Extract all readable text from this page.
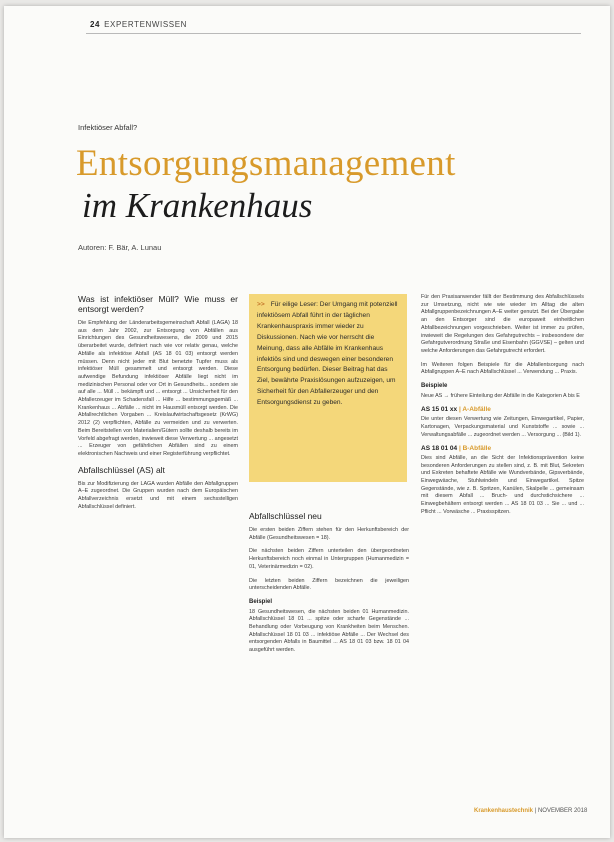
24 EXPERTENWISSEN
Infektiöser Abfall?
Entsorgungsmanagement
im Krankenhaus
Autoren: F. Bär, A. Lunau
Was ist infektiöser Müll? Wie muss er entsorgt werden?

Die Empfehlung der Länderarbeitsgemeinschaft Abfall (LAGA) 18 aus dem Jahr 2002, zur Entsorgung von Abfällen aus Einrichtungen des Gesundheitswesens, die 2009 und 2015 überarbeitet wurde, definiert nach wie vor relativ genau, welche Abfälle als infektiöse Abfall (AS 18 01 03) entsorgt werden müssen. Denn nicht jeder mit Blut benetzte Tupfer muss als infektiöser Müll gesammelt und entsorgt werden. Diese aufwendige Befundung infektiöser Abfälle liegt nicht im medizinischen Personal oder vor Ort in Gesundheits... sondern sie auf alle ... Müll ... bekämpft und ... entsorgt ... Unsicherheit für den Abfallerzeuger im Schadensfall ... Hilfe ... bestimmungsgemäß ... Krankenhaus ... Abfälle ... nicht im Hausmüll entsorgt werden. Die Abfallrechtlichen Vorgaben ... Kreislaufwirtschaftsgesetz (KrWG) 2012 (2) verpflichten, Abfälle zu vermeiden und zu verwerten. Beim Bereitstellen von Materialien/Gütern sollte deshalb bereits im Vorfeld abgefragt werden, inwieweit diese Verwertung ... angesetzt ... Erzeuger von gefährlichen Abfällen sind zu einem elektronischen Nachweis und einer Registerführung verpflichtet.

Abfallschlüssel (AS) alt

Bis zur Modifizierung der LAGA wurden Abfälle den Abfallgruppen A–E zugeordnet. Die Gruppen wurden nach dem Europäischen Abfallverzeichnis ersetzt und mit einem sechsstelligen Abfallschlüssel definiert.

>> Für eilige Leser: Der Umgang mit potenziell infektiösem Abfall führt in der täglichen Krankenhauspraxis immer wieder zu Diskussionen. Nach wie vor herrscht die Meinung, dass alle Abfälle im Krankenhaus infektiös sind und deswegen einer besonderen Entsorgung bedürfen. Dieser Beitrag hat das Ziel, bewährte Praxislösungen aufzuzeigen, um Sicherheit für den Abfallerzeuger und den Entsorgungsdienst zu geben.
Abfallschlüssel neu

Die ersten beiden Ziffern stehen für den Herkunftsbereich der Abfälle (Gesundheitswesen = 18).

Die nächsten beiden Ziffern unterteilen den übergeordneten Herkunftsbereich noch einmal in Untergruppen (Humanmedizin = 01, Veterinärmedizin = 02).

Die letzten beiden Ziffern bezeichnen die jeweiligen unterscheidenden Abfälle.

Beispiel

18 Gesundheitswesen, die nächsten beiden 01 Humanmedizin. Abfallschlüssel 18 01 ... spitze oder scharfe Gegenstände ... Behandlung oder Vorbeugung von Krankheiten beim Menschen. Abfallschlüssel 18 01 03 ... infektiöse Abfälle ... Der Wechsel des entsorgenden Abfalls in Baumittel ... AS 18 01 03 bzw. 18 01 04 ausgeführt werden.

Für den Praxisanwender fällt der Bestimmung des Abfallschlüssels zur Umsetzung, nicht wie wie wieder im Alltag die alten Abfallgruppenbezeichnungen A–E weiter genutzt. Bei der Übergabe an den Entsorger sind die europaweit einheitlichen Abfallbezeichnungen vorgeschrieben. Weiter ist immer zu prüfen, inwieweit die Regelungen des Gefahrgutrechts – insbesondere der Gefahrgutverordnung Straße und Eisenbahn (GGVSE) – gelten und welche Anforderungen das Gefahrgutrecht erfordert.

Im Weiteren folgen Beispiele für die Abfallentsorgung nach Abfallgruppen A–E nach Abfallschlüssel ... Verwendung ... Praxis.

Beispiele

Neue AS → frühere Einteilung der Abfälle in die Kategorien A bis E

AS 15 01 xx | A-Abfälle

Die unter diesen Verwertung wie Zeitungen, Einwegartikel, Papier, Kartonagen, Verpackungsmaterial und Kunststoffe ... sowie ... Verwaltungsabfälle ... zugeordnet werden ... Versorgung ... (Bild 1).

AS 18 01 04 | B-Abfälle

Dies sind Abfälle, an die Sicht der Infektionsprävention keine besonderen Anforderungen zu stellen sind, z. B. mit Blut, Sekreten und Exkreten behaftete Abfälle wie Wundverbände, Gipsverbände, Einwegwäsche, Stuhlwindeln und Einwegartikel. Spitze Gegenstände, wie z. B. Spritzen, Kanülen, Skalpelle ... gemeinsam mit diesem Abfall ... Bruch- und durchstichsichere ... Einwegbehältern entsorgt werden ... AS 18 01 03 ... Sie ... und ... Pflicht ... Vorwäsche ... Praxisspitzen.

Krankenhaustechnik | NOVEMBER 2018
